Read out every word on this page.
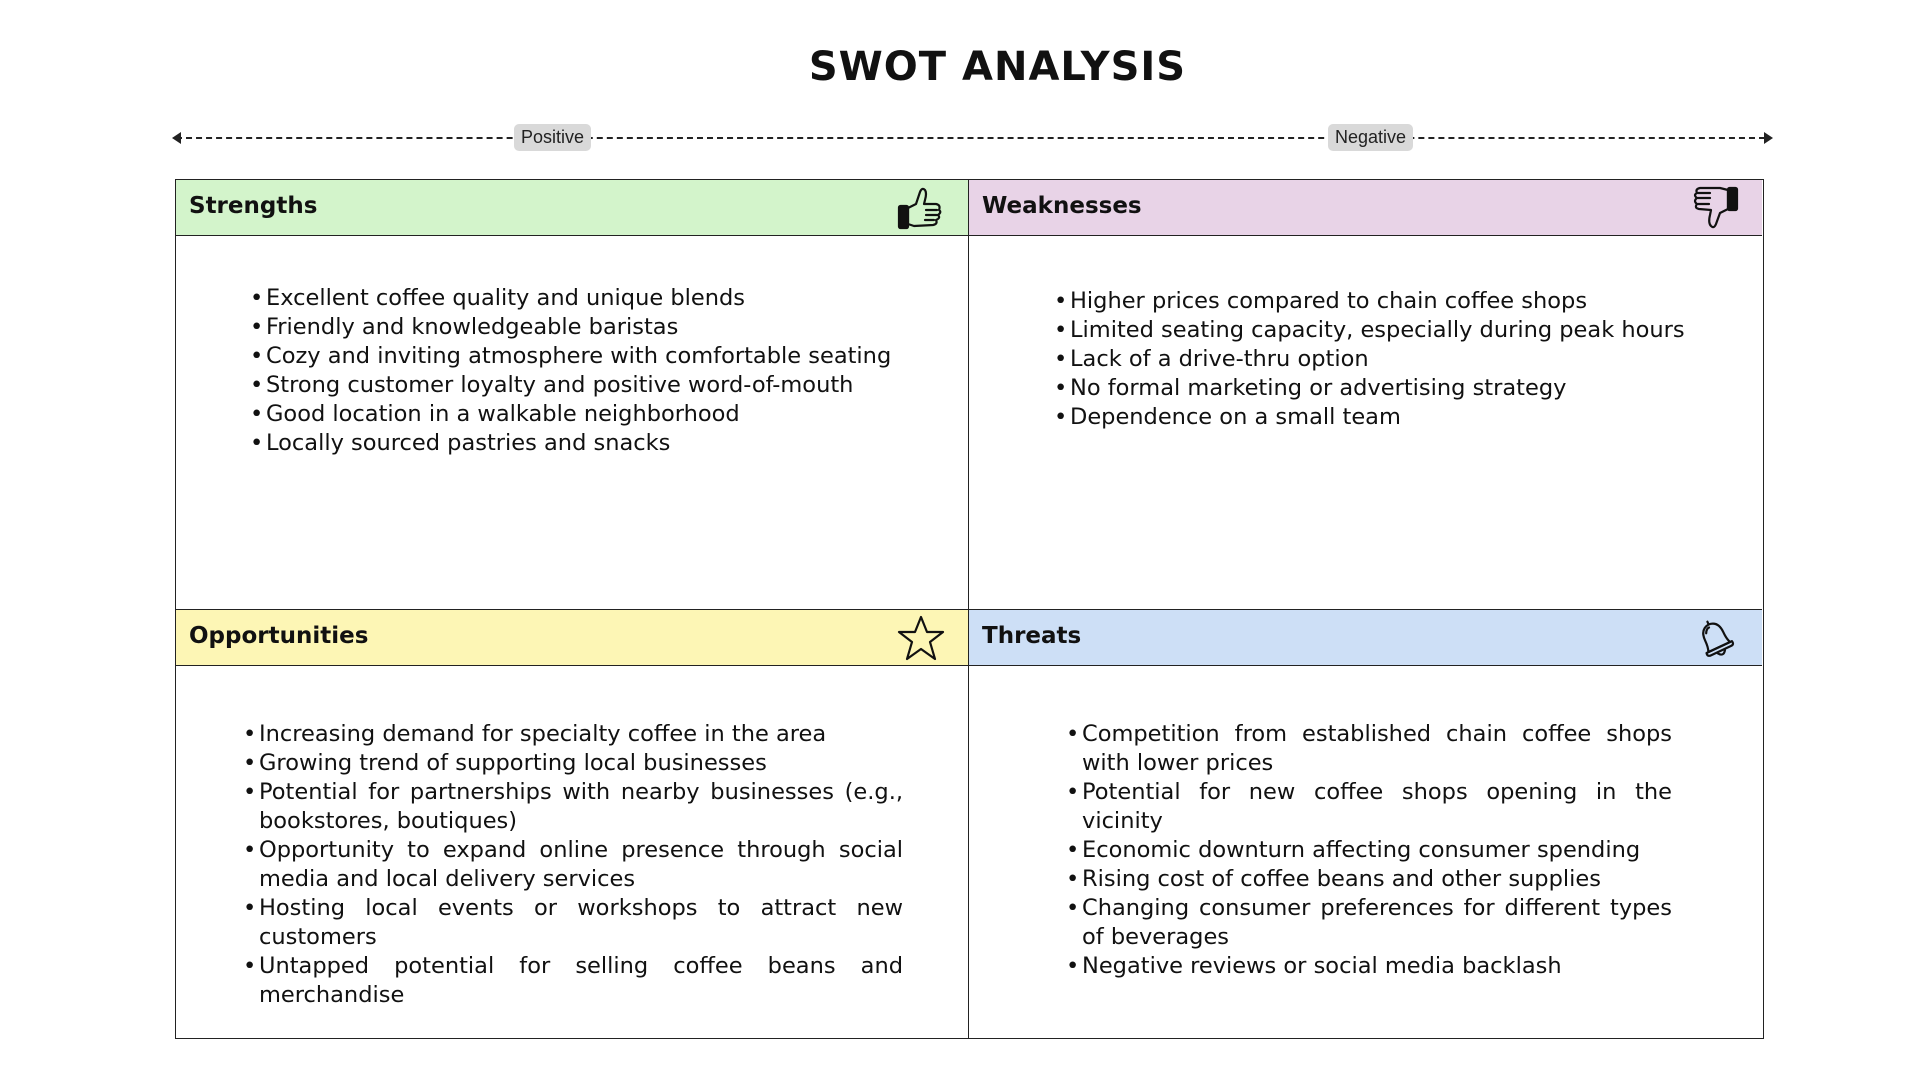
SWOT ANALYSIS
Positive	Negative
Strengths
• Excellent coffee quality and unique blends
• Friendly and knowledgeable baristas
• Cozy and inviting atmosphere with comfortable seating
• Strong customer loyalty and positive word-of-mouth
• Good location in a walkable neighborhood
• Locally sourced pastries and snacks
Weaknesses
• Higher prices compared to chain coffee shops
• Limited seating capacity, especially during peak hours
• Lack of a drive-thru option
• No formal marketing or advertising strategy
• Dependence on a small team
Opportunities
• Increasing demand for specialty coffee in the area
• Growing trend of supporting local businesses
• Potential for partnerships with nearby businesses (e.g., bookstores, boutiques)
• Opportunity to expand online presence through social media and local delivery services
• Hosting local events or workshops to attract new customers
• Untapped potential for selling coffee beans and merchandise
Threats
• Competition from established chain coffee shops with lower prices
• Potential for new coffee shops opening in the vicinity
• Economic downturn affecting consumer spending
• Rising cost of coffee beans and other supplies
• Changing consumer preferences for different types of beverages
• Negative reviews or social media backlash
